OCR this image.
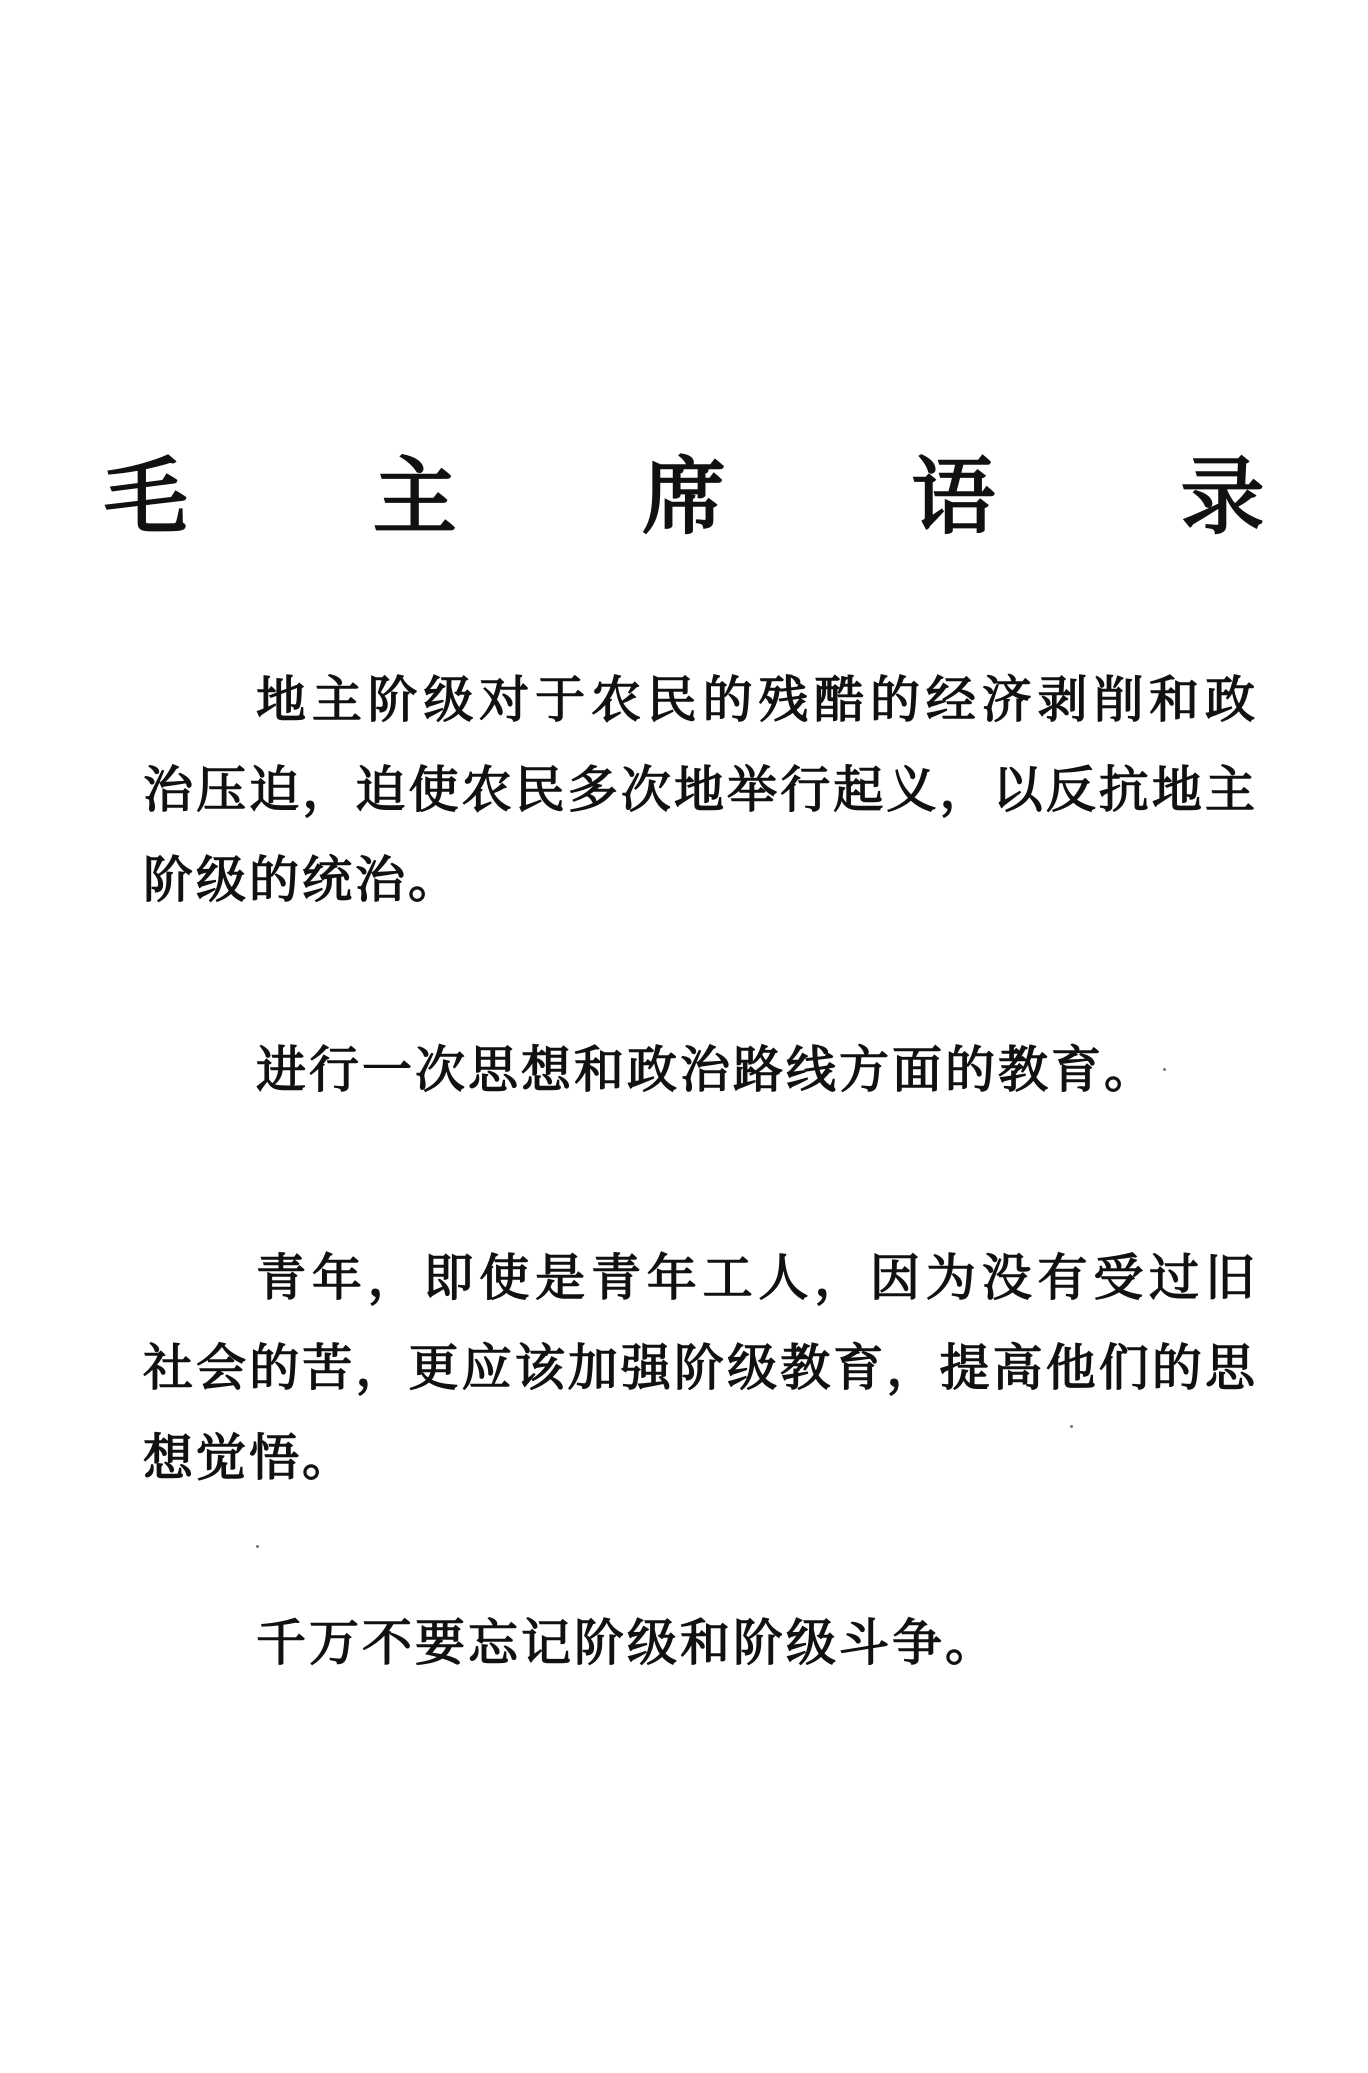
毛 主 席 语 录

地主阶级对于农民的残酷的经济剥削和政治压迫，迫使农民多次地举行起义，以反抗地主阶级的统治。

进行一次思想和政治路线方面的教育。

青年，即使是青年工人，因为没有受过旧社会的苦，更应该加强阶级教育，提高他们的思想觉悟。

千万不要忘记阶级和阶级斗争。
